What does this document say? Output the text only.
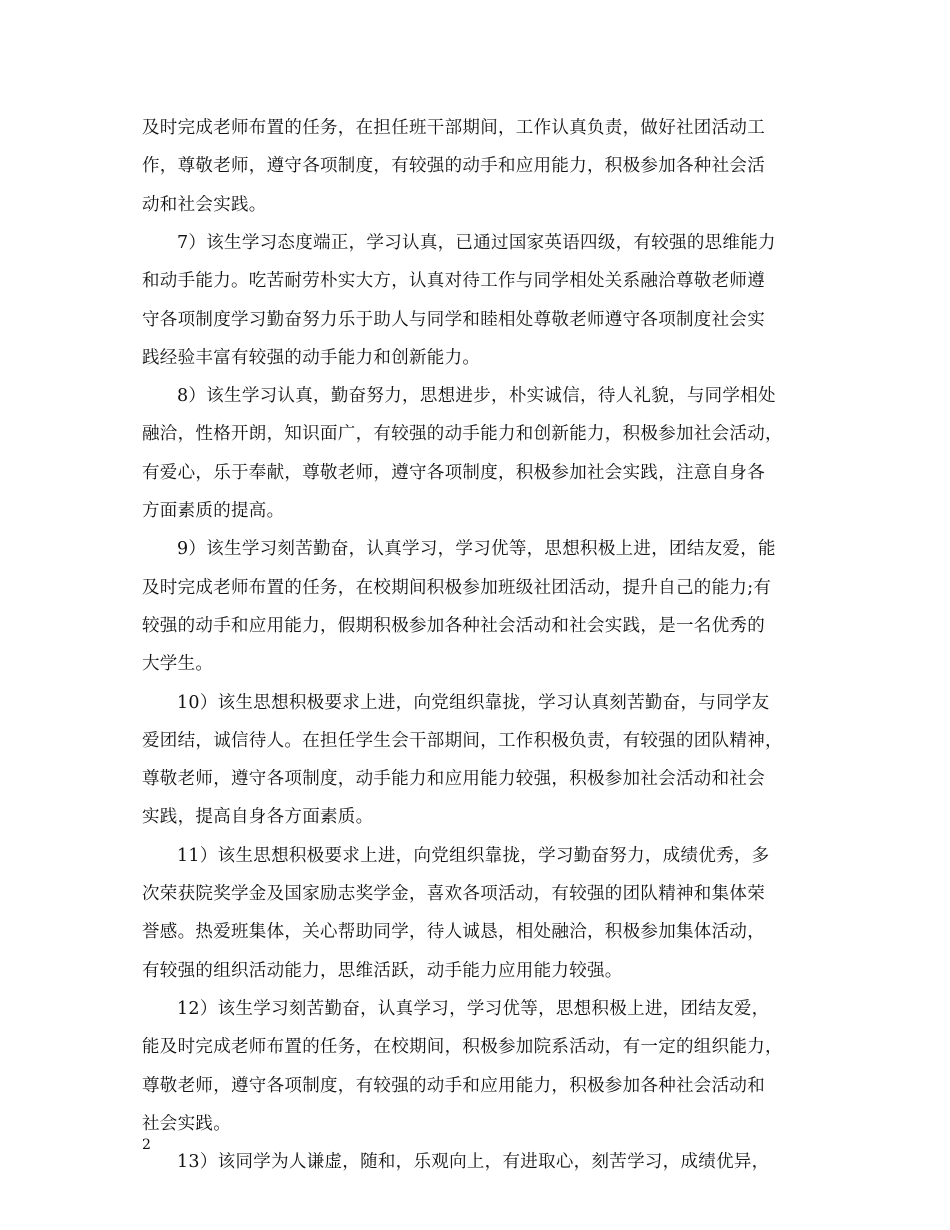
及时完成老师布置的任务，在担任班干部期间，工作认真负责，做好社团活动工
作，尊敬老师，遵守各项制度，有较强的动手和应用能力，积极参加各种社会活
动和社会实践。
7）该生学习态度端正，学习认真，已通过国家英语四级，有较强的思维能力
和动手能力。吃苦耐劳朴实大方，认真对待工作与同学相处关系融洽尊敬老师遵
守各项制度学习勤奋努力乐于助人与同学和睦相处尊敬老师遵守各项制度社会实
践经验丰富有较强的动手能力和创新能力。
8）该生学习认真，勤奋努力，思想进步，朴实诚信，待人礼貌，与同学相处
融洽，性格开朗，知识面广，有较强的动手能力和创新能力，积极参加社会活动，
有爱心，乐于奉献，尊敬老师，遵守各项制度，积极参加社会实践，注意自身各
方面素质的提高。
9）该生学习刻苦勤奋，认真学习，学习优等，思想积极上进，团结友爱，能
及时完成老师布置的任务，在校期间积极参加班级社团活动，提升自己的能力;有
较强的动手和应用能力，假期积极参加各种社会活动和社会实践，是一名优秀的
大学生。
10）该生思想积极要求上进，向党组织靠拢，学习认真刻苦勤奋，与同学友
爱团结，诚信待人。在担任学生会干部期间，工作积极负责，有较强的团队精神，
尊敬老师，遵守各项制度，动手能力和应用能力较强，积极参加社会活动和社会
实践，提高自身各方面素质。
11）该生思想积极要求上进，向党组织靠拢，学习勤奋努力，成绩优秀，多
次荣获院奖学金及国家励志奖学金，喜欢各项活动，有较强的团队精神和集体荣
誉感。热爱班集体，关心帮助同学，待人诚恳，相处融洽，积极参加集体活动，
有较强的组织活动能力，思维活跃，动手能力应用能力较强。
12）该生学习刻苦勤奋，认真学习，学习优等，思想积极上进，团结友爱，
能及时完成老师布置的任务，在校期间，积极参加院系活动，有一定的组织能力，
尊敬老师，遵守各项制度，有较强的动手和应用能力，积极参加各种社会活动和
社会实践。
13）该同学为人谦虚，随和，乐观向上，有进取心，刻苦学习，成绩优异，
2
